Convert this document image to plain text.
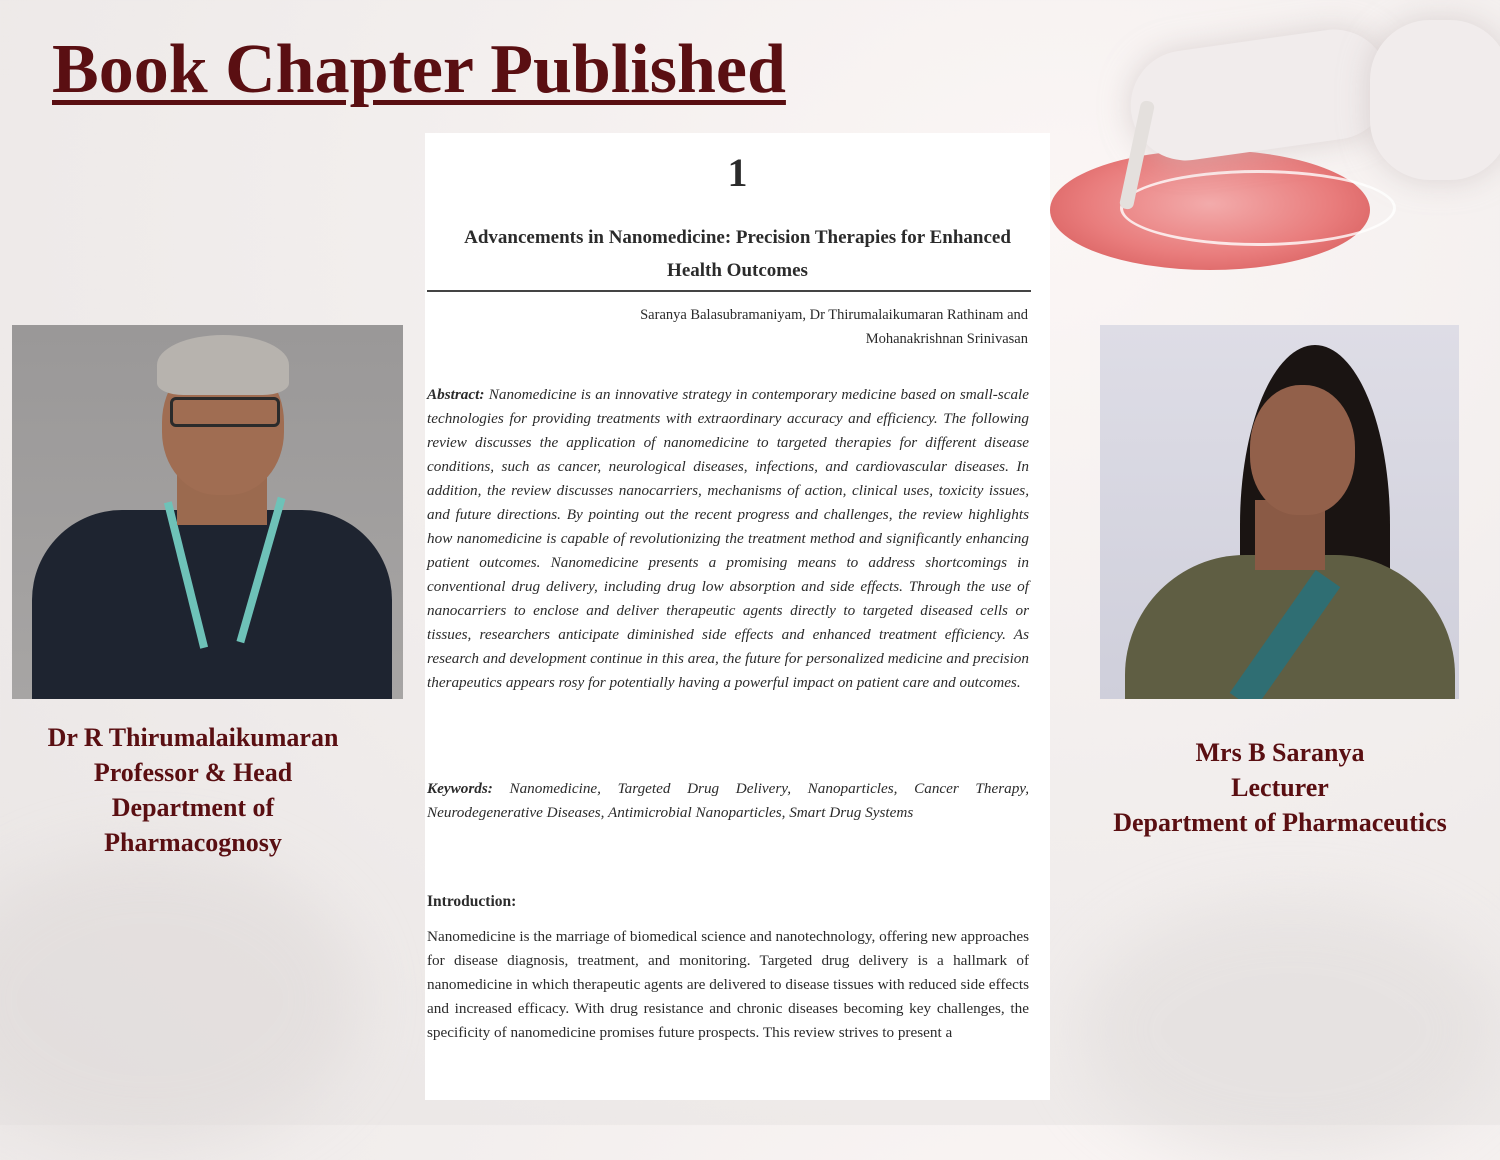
Book Chapter Published
Dr R Thirumalaikumaran
Professor & Head
Department of
Pharmacognosy
Mrs B Saranya
Lecturer
Department of Pharmaceutics
1
Advancements in Nanomedicine: Precision Therapies for Enhanced Health Outcomes
Saranya Balasubramaniyam, Dr Thirumalaikumaran Rathinam and
Mohanakrishnan Srinivasan
Abstract: Nanomedicine is an innovative strategy in contemporary medicine based on small-scale technologies for providing treatments with extraordinary accuracy and efficiency. The following review discusses the application of nanomedicine to targeted therapies for different disease conditions, such as cancer, neurological diseases, infections, and cardiovascular diseases. In addition, the review discusses nanocarriers, mechanisms of action, clinical uses, toxicity issues, and future directions. By pointing out the recent progress and challenges, the review highlights how nanomedicine is capable of revolutionizing the treatment method and significantly enhancing patient outcomes. Nanomedicine presents a promising means to address shortcomings in conventional drug delivery, including drug low absorption and side effects. Through the use of nanocarriers to enclose and deliver therapeutic agents directly to targeted diseased cells or tissues, researchers anticipate diminished side effects and enhanced treatment efficiency. As research and development continue in this area, the future for personalized medicine and precision therapeutics appears rosy for potentially having a powerful impact on patient care and outcomes.
Keywords: Nanomedicine, Targeted Drug Delivery, Nanoparticles, Cancer Therapy, Neurodegenerative Diseases, Antimicrobial Nanoparticles, Smart Drug Systems
Introduction:
Nanomedicine is the marriage of biomedical science and nanotechnology, offering new approaches for disease diagnosis, treatment, and monitoring. Targeted drug delivery is a hallmark of nanomedicine in which therapeutic agents are delivered to disease tissues with reduced side effects and increased efficacy. With drug resistance and chronic diseases becoming key challenges, the specificity of nanomedicine promises future prospects. This review strives to present a
